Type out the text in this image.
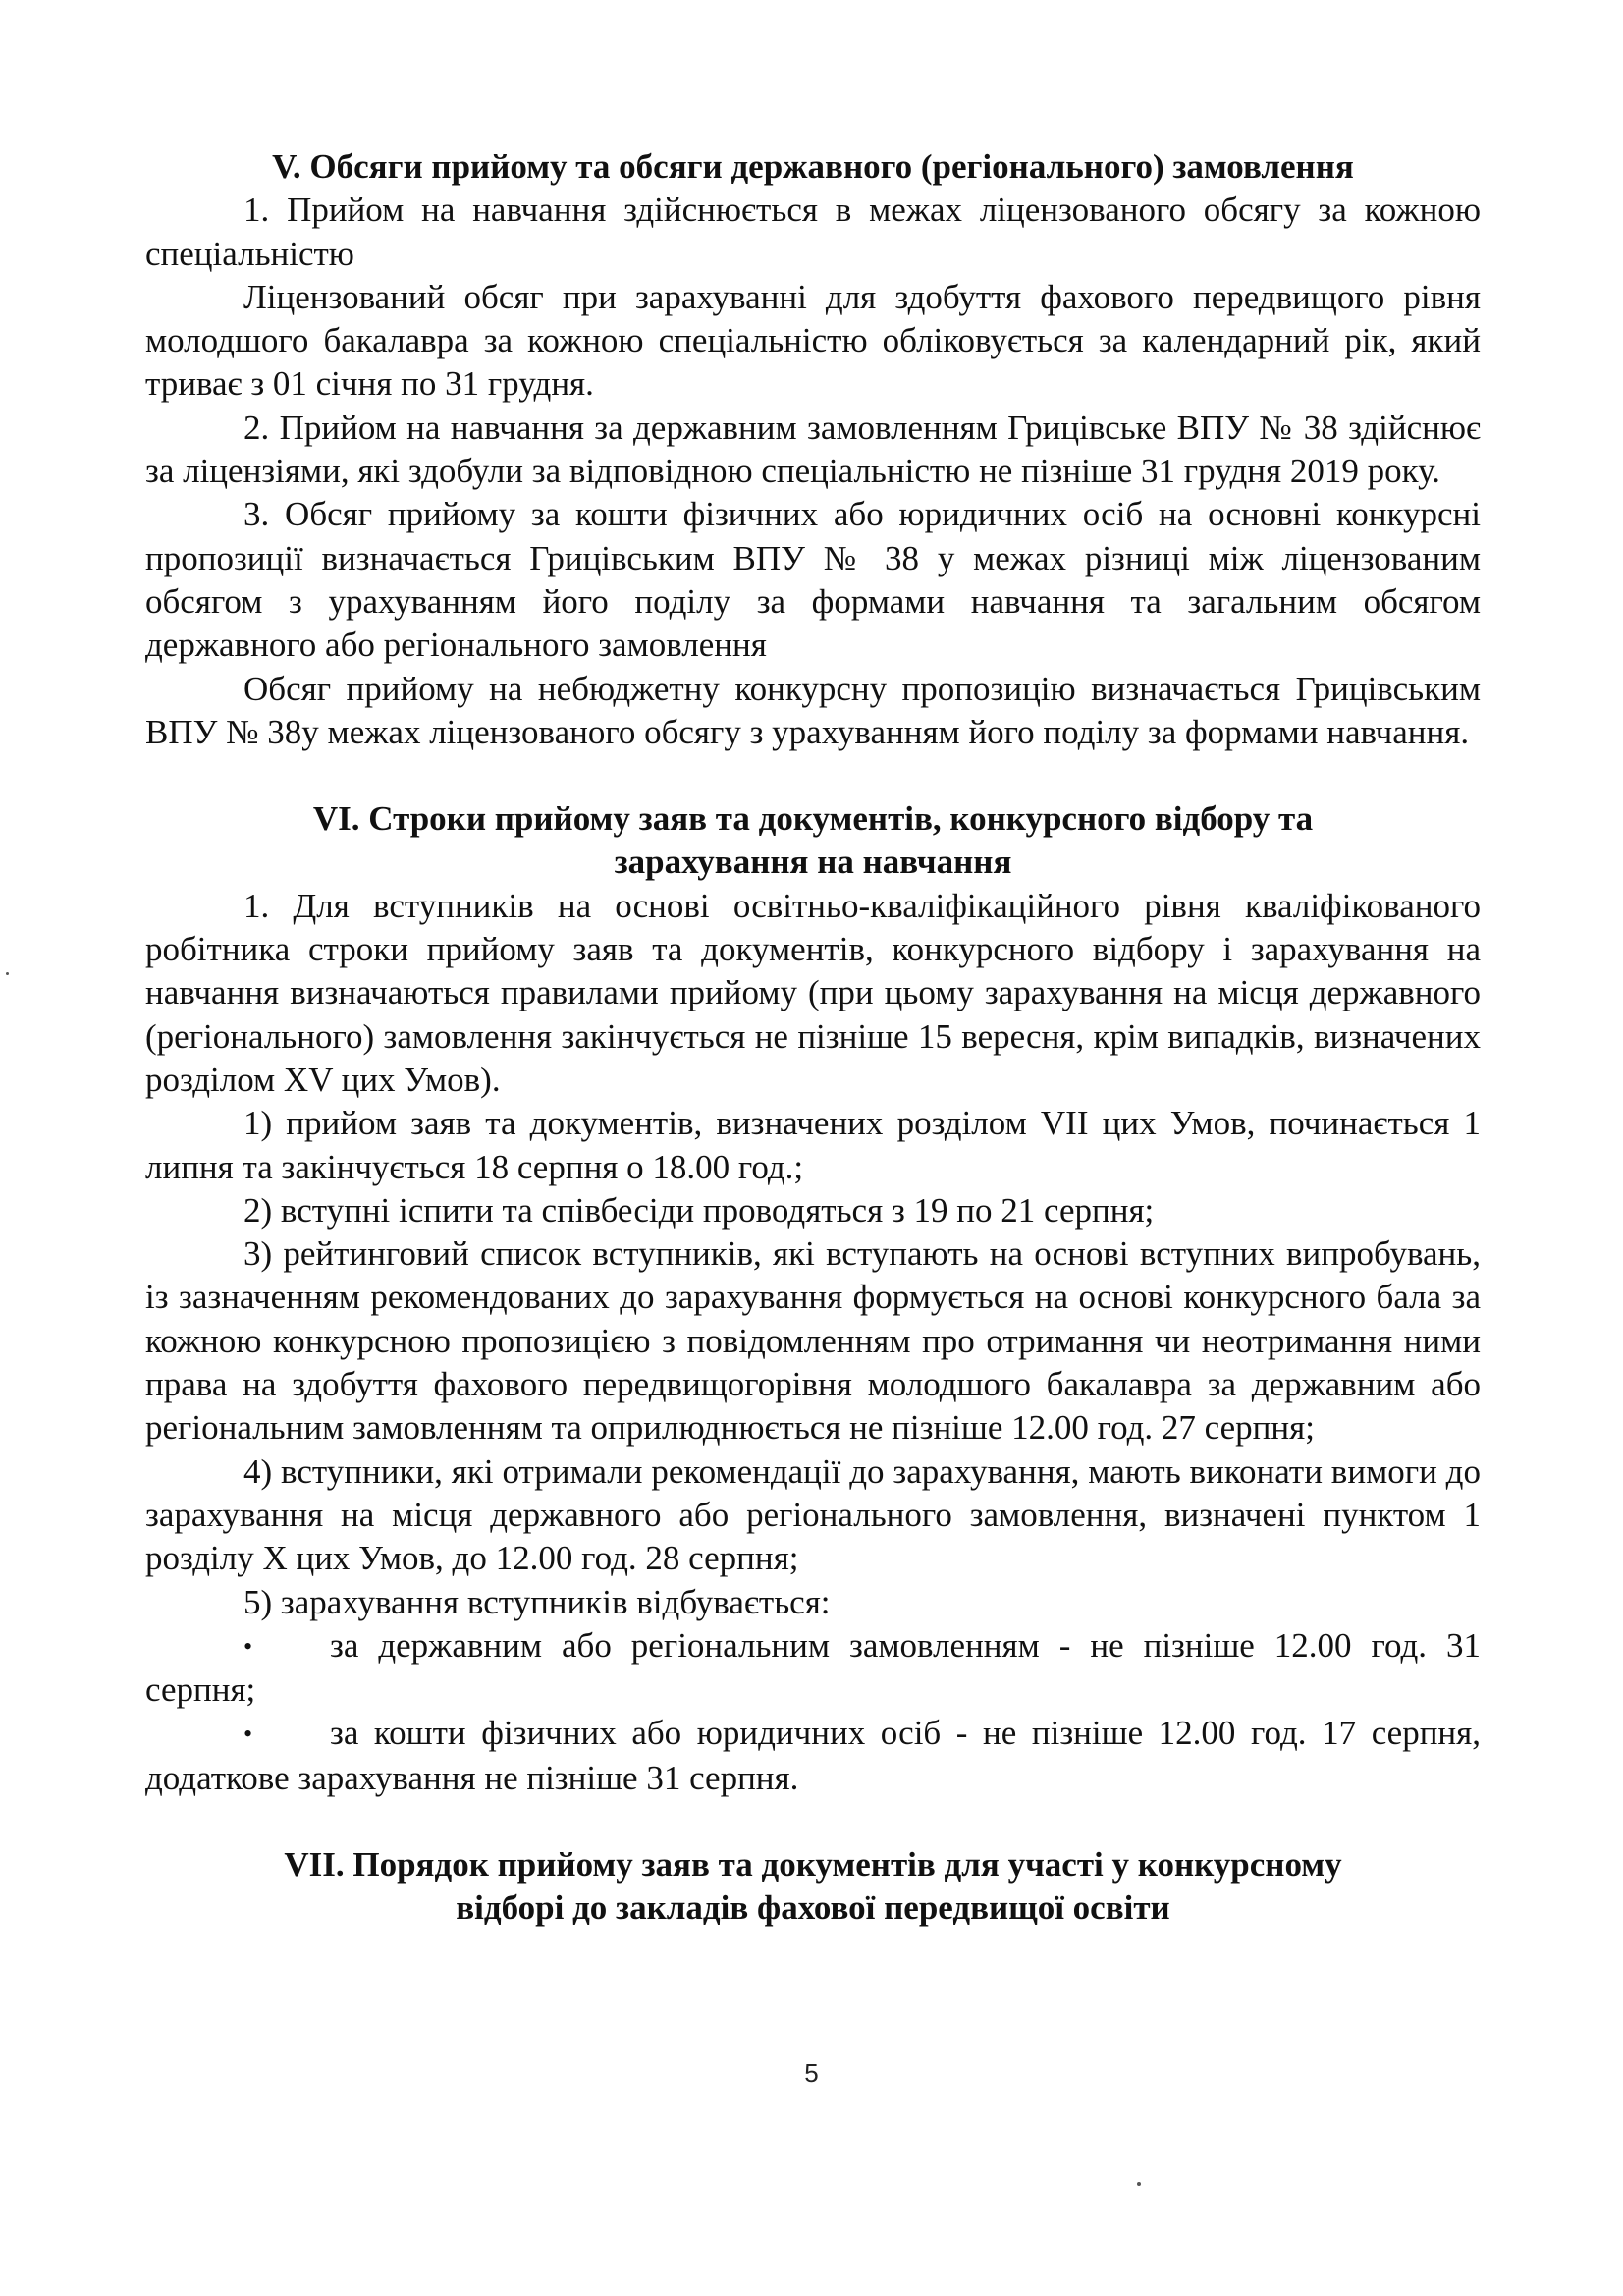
V. Обсяги прийому та обсяги державного (регіонального) замовлення

1. Прийом на навчання здійснюється в межах ліцензованого обсягу за кожною спеціальністю

Ліцензований обсяг при зарахуванні для здобуття фахового передвищого рівня молодшого бакалавра за кожною спеціальністю обліковується за календарний рік, який триває з 01 січня по 31 грудня.

2. Прийом на навчання за державним замовленням Грицівське ВПУ № 38 здійснює за ліцензіями, які здобули за відповідною спеціальністю не пізніше 31 грудня 2019 року.

3. Обсяг прийому за кошти фізичних або юридичних осіб на основні конкурсні пропозиції визначається Грицівським ВПУ № 38 у межах різниці між ліцензованим обсягом з урахуванням його поділу за формами навчання та загальним обсягом державного або регіонального замовлення

Обсяг прийому на небюджетну конкурсну пропозицію визначається Грицівським ВПУ № 38у межах ліцензованого обсягу з урахуванням його поділу за формами навчання.

VI. Строки прийому заяв та документів, конкурсного відбору та
зарахування на навчання

1. Для вступників на основі освітньо-кваліфікаційного рівня кваліфікованого робітника строки прийому заяв та документів, конкурсного відбору і зарахування на навчання визначаються правилами прийому (при цьому зарахування на місця державного (регіонального) замовлення закінчується не пізніше 15 вересня, крім випадків, визначених розділом XV цих Умов).

1) прийом заяв та документів, визначених розділом VІІ цих Умов, починається 1 липня та закінчується 18 серпня о 18.00 год.;

2) вступні іспити та співбесіди проводяться з 19 по 21 серпня;

3) рейтинговий список вступників, які вступають на основі вступних випробувань, із зазначенням рекомендованих до зарахування формується на основі конкурсного бала за кожною конкурсною пропозицією з повідомленням про отримання чи неотримання ними права на здобуття фахового передвищогорівня молодшого бакалавра за державним або регіональним замовленням та оприлюднюється не пізніше 12.00 год. 27 серпня;

4) вступники, які отримали рекомендації до зарахування, мають виконати вимоги до зарахування на місця державного або регіонального замовлення, визначені пунктом 1 розділу Х цих Умов, до 12.00 год. 28 серпня;

5) зарахування вступників відбувається:

• за державним або регіональним замовленням - не пізніше 12.00 год. 31 серпня;

• за кошти фізичних або юридичних осіб - не пізніше 12.00 год. 17 серпня, додаткове зарахування не пізніше 31 серпня.

VII. Порядок прийому заяв та документів для участі у конкурсному
відборі до закладів фахової передвищої освіти
5
